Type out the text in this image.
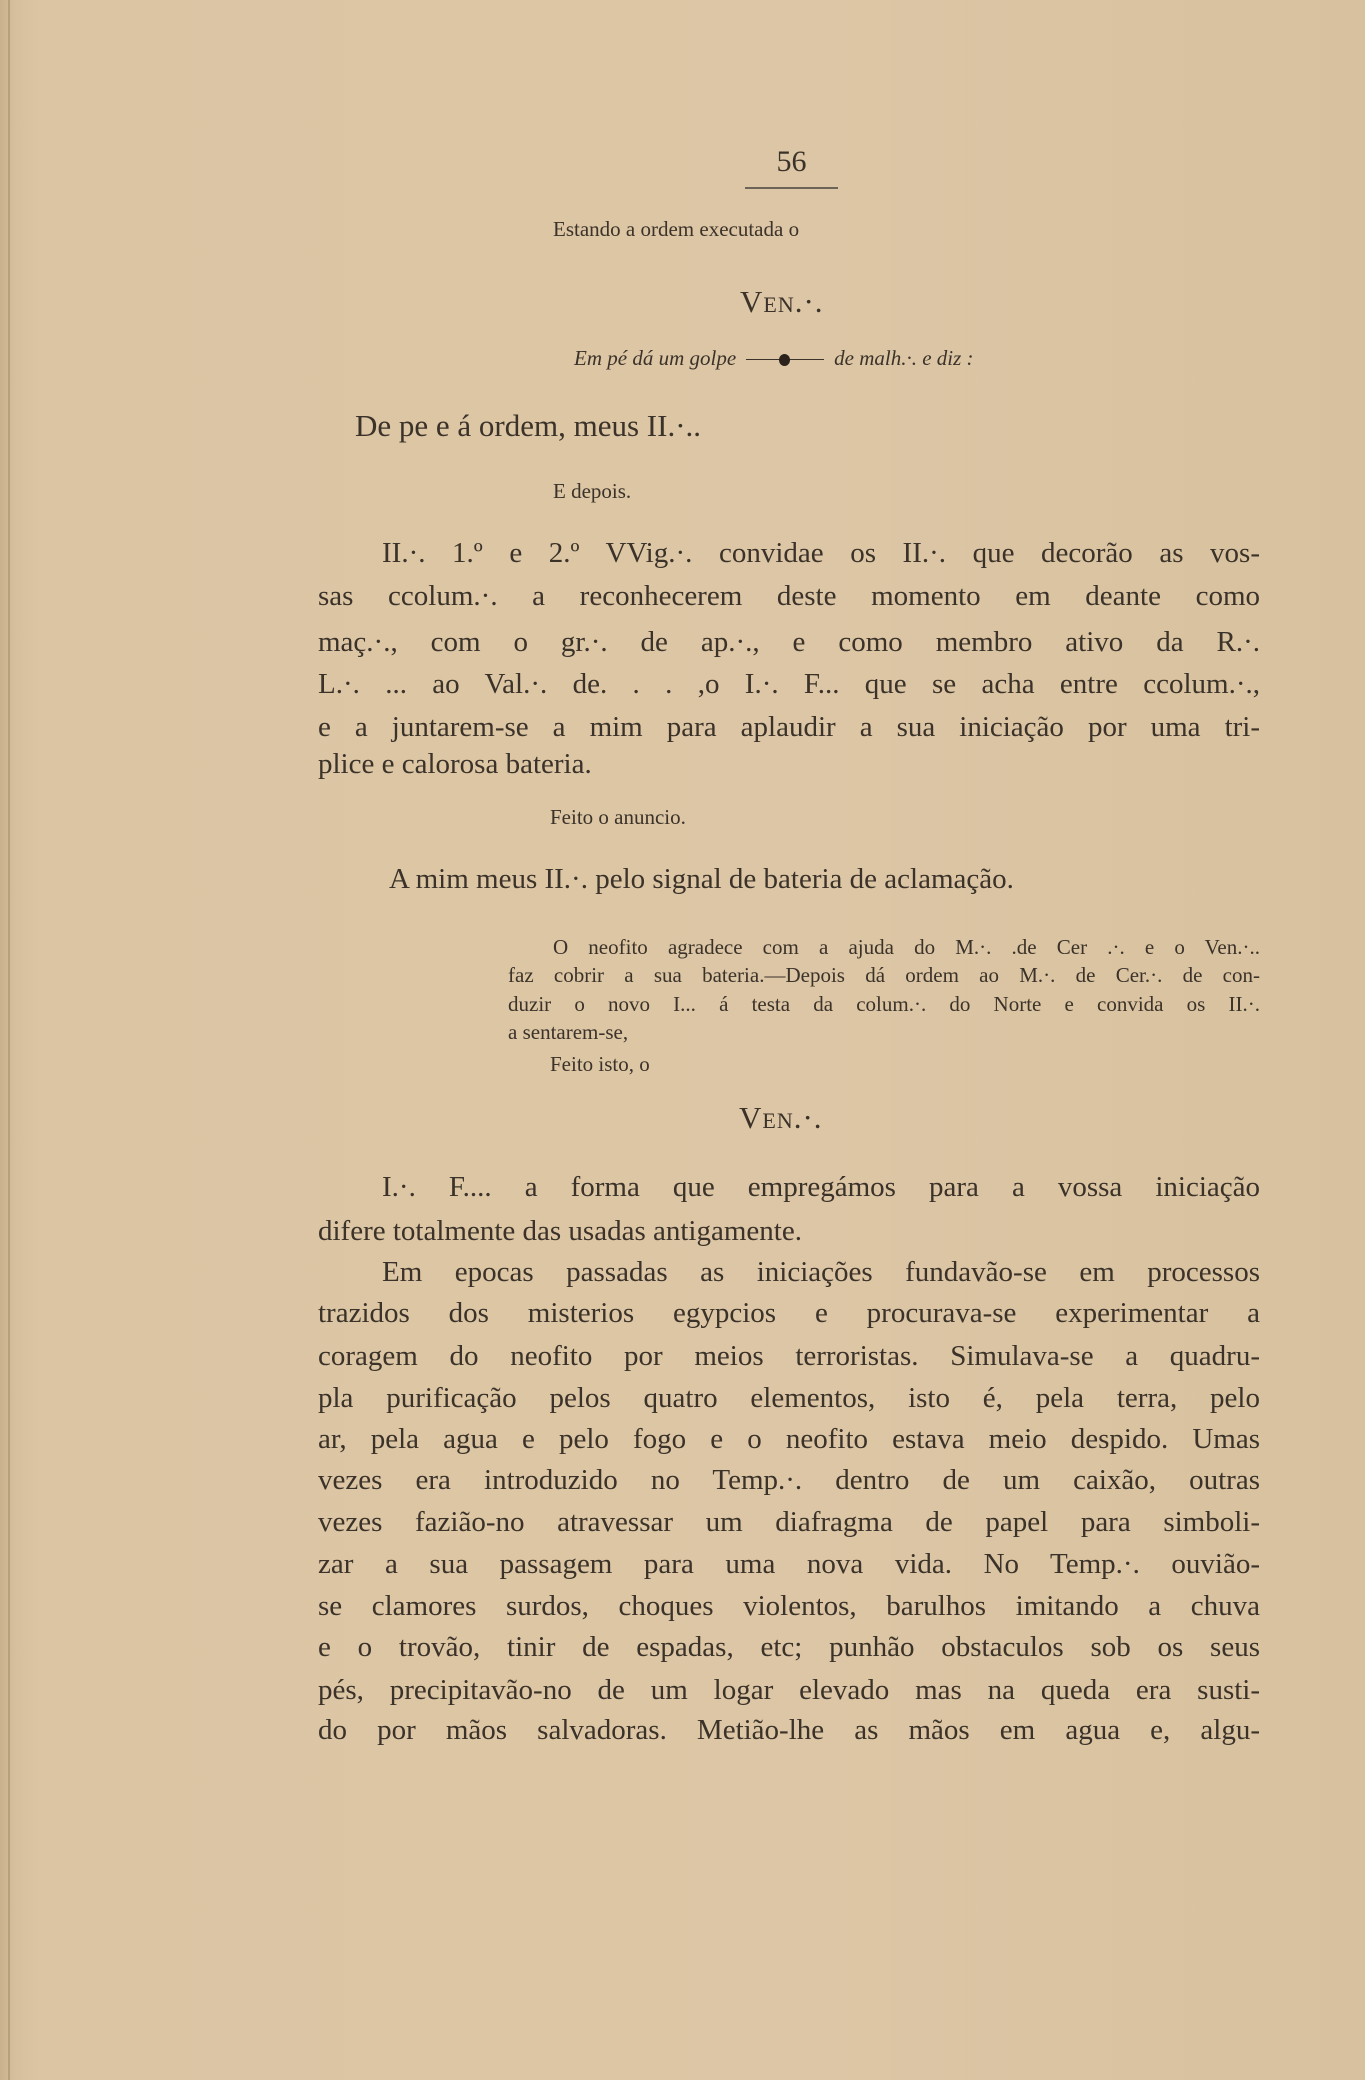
56
Estando a ordem executada o
Ven.·.
Em pé dá um golpe	de malh.·. e diz :
De pe e á ordem, meus II.·..
E depois.
II.·. 1.º e 2.º VVig.·. convidae os II.·. que decorão as vos-
sas ccolum.·. a reconhecerem deste momento em deante como
maç.·., com o gr.·. de ap.·., e como membro ativo da R.·.
L.·. ... ao Val.·. de. . . ,o I.·. F... que se acha entre ccolum.·.,
e a juntarem-se a mim para aplaudir a sua iniciação por uma tri-
plice e calorosa bateria.
Feito o anuncio.
A mim meus II.·. pelo signal de bateria de aclamação.
O neofito agradece com a ajuda do M.·. .de Cer .·. e o Ven.·..
faz cobrir a sua bateria.—Depois dá ordem ao M.·. de Cer.·. de con-
duzir o novo I... á testa da colum.·. do Norte e convida os II.·.
a sentarem-se,
Feito isto, o
Ven.·.
I.·. F.... a forma que empregámos para a vossa iniciação
difere totalmente das usadas antigamente.
Em epocas passadas as iniciações fundavão-se em processos
trazidos dos misterios egypcios e procurava-se experimentar a
coragem do neofito por meios terroristas. Simulava-se a quadru-
pla purificação pelos quatro elementos, isto é, pela terra, pelo
ar, pela agua e pelo fogo e o neofito estava meio despido. Umas
vezes era introduzido no Temp.·. dentro de um caixão, outras
vezes fazião-no atravessar um diafragma de papel para simboli-
zar a sua passagem para uma nova vida. No Temp.·. ouvião-
se clamores surdos, choques violentos, barulhos imitando a chuva
e o trovão, tinir de espadas, etc; punhão obstaculos sob os seus
pés, precipitavão-no de um logar elevado mas na queda era susti-
do por mãos salvadoras. Metião-lhe as mãos em agua e, algu-
